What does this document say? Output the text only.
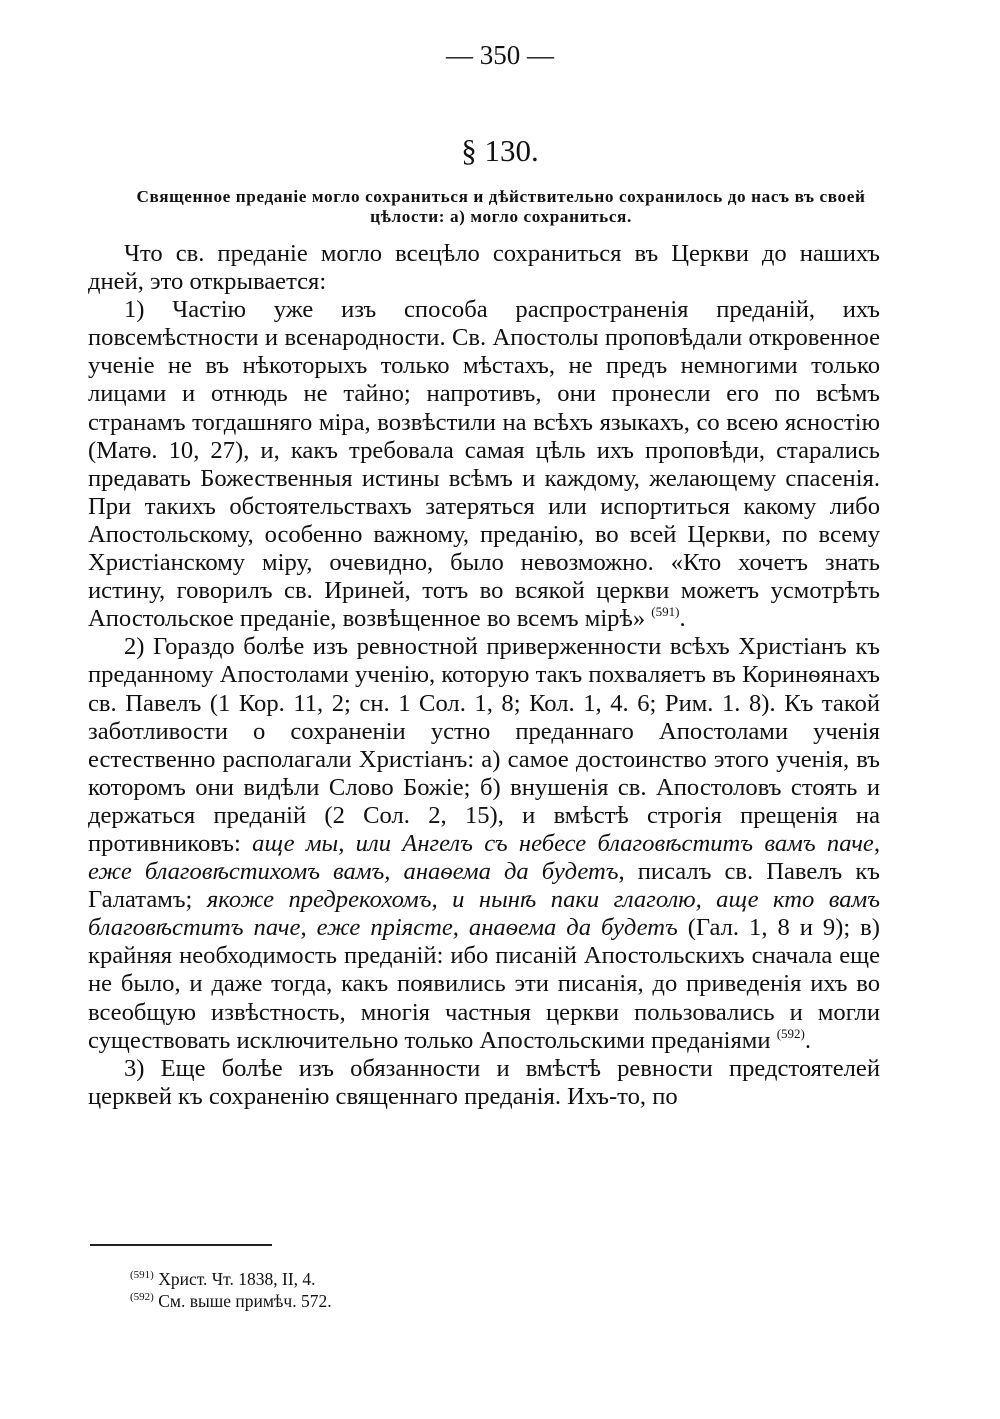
— 350 —
§ 130.
Священное преданіе могло сохраниться и дѣйствительно сохранилось до насъ въ своей цѣлости: а) могло сохраниться.

Что св. преданіе могло всецѣло сохраниться въ Церкви до нашихъ дней, это открывается:

1) Частію уже изъ способа распространенія преданій, ихъ повсемѣстности и всенародности. Св. Апостолы проповѣдали откровенное ученіе не въ нѣкоторыхъ только мѣстахъ, не предъ немногими только лицами и отнюдь не тайно; напротивъ, они пронесли его по всѣмъ странамъ тогдашняго міра, возвѣстили на всѣхъ языкахъ, со всею ясностію (Матѳ. 10, 27), и, какъ требовала самая цѣль ихъ проповѣди, старались предавать Божественныя истины всѣмъ и каждому, желающему спасенія. При такихъ обстоятельствахъ затеряться или испортиться какому либо Апостольскому, особенно важному, преданію, во всей Церкви, по всему Христіанскому міру, очевидно, было невозможно. «Кто хочетъ знать истину, говорилъ св. Ириней, тотъ во всякой церкви можетъ усмотрѣть Апостольское преданіе, возвѣщенное во всемъ мірѣ» $^{(591)}$.

2) Гораздо болѣе изъ ревностной приверженности всѣхъ Христіанъ къ преданному Апостолами ученію, которую такъ похваляетъ въ Коринѳянахъ св. Павелъ (1 Кор. 11, 2; сн. 1 Сол. 1, 8; Кол. 1, 4. 6; Рим. 1. 8). Къ такой заботливости о сохраненіи устно преданнаго Апостолами ученія естественно располагали Христіанъ: а) самое достоинство этого ученія, въ которомъ они видѣли Слово Божіе; б) внушенія св. Апостоловъ стоять и держаться преданій (2 Сол. 2, 15), и вмѣстѣ строгія прещенія на противниковъ: аще мы, или Ангелъ съ небесе благовѣститъ вамъ паче, еже благовѣстихомъ вамъ, анаѳема да будетъ, писалъ св. Павелъ къ Галатамъ; якоже предрекохомъ, и нынѣ паки глаголю, аще кто вамъ благовѣститъ паче, еже пріясте, анаѳема да будетъ (Гал. 1, 8 и 9); в) крайняя необходимость преданій: ибо писаній Апостольскихъ сначала еще не было, и даже тогда, какъ появились эти писанія, до приведенія ихъ во всеобщую извѣстность, многія частныя церкви пользовались и могли существовать исключительно только Апостольскими преданіями $^{(592)}$.

3) Еще болѣе изъ обязанности и вмѣстѣ ревности предстоятелей церквей къ сохраненію священнаго преданія. Ихъ-то, по

$^{(591)}$ Христ. Чт. 1838, II, 4.

$^{(592)}$ См. выше примѣч. 572.
